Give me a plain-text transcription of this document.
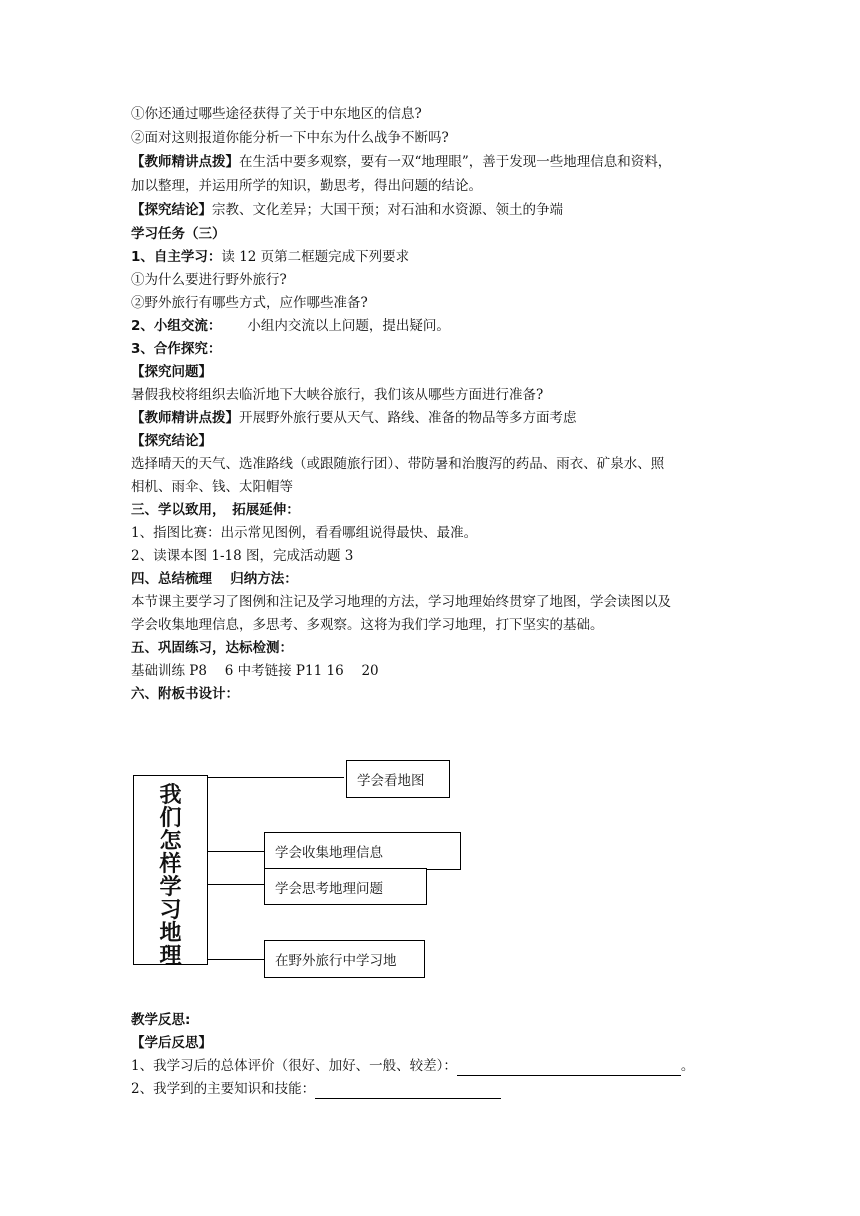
①你还通过哪些途径获得了关于中东地区的信息?
②面对这则报道你能分析一下中东为什么战争不断吗?
【教师精讲点拨】在生活中要多观察，要有一双“地理眼”，善于发现一些地理信息和资料，
加以整理，并运用所学的知识，勤思考，得出问题的结论。
【探究结论】宗教、文化差异；大国干预；对石油和水资源、领土的争端
学习任务（三）
1、自主学习：读 12 页第二框题完成下列要求
①为什么要进行野外旅行?
②野外旅行有哪些方式，应作哪些准备?
2、小组交流： 小组内交流以上问题，提出疑问。
3、合作探究：
【探究问题】
暑假我校将组织去临沂地下大峡谷旅行，我们该从哪些方面进行准备?
【教师精讲点拨】开展野外旅行要从天气、路线、准备的物品等多方面考虑
【探究结论】
选择晴天的天气、选准路线（或跟随旅行团）、带防暑和治腹泻的药品、雨衣、矿泉水、照
相机、雨伞、钱、太阳帽等
三、学以致用，　拓展延伸：
1、指图比赛：出示常见图例，看看哪组说得最快、最准。
2、读课本图 1-18 图，完成活动题 3
四、总结梳理　 归纳方法：
本节课主要学习了图例和注记及学习地理的方法，学习地理始终贯穿了地图，学会读图以及
学会收集地理信息，多思考、多观察。这将为我们学习地理，打下坚实的基础。
五、巩固练习，达标检测：
基础训练 P8　 6 中考链接 P11 16　 20
六、附板书设计：
我
们
怎
样
学
习
地
理
学会看地图
学会收集地理信息
学会思考地理问题
在野外旅行中学习地
教学反思:
【学后反思】
1、我学习后的总体评价（很好、加好、一般、较差）：	。
2、我学到的主要知识和技能：
